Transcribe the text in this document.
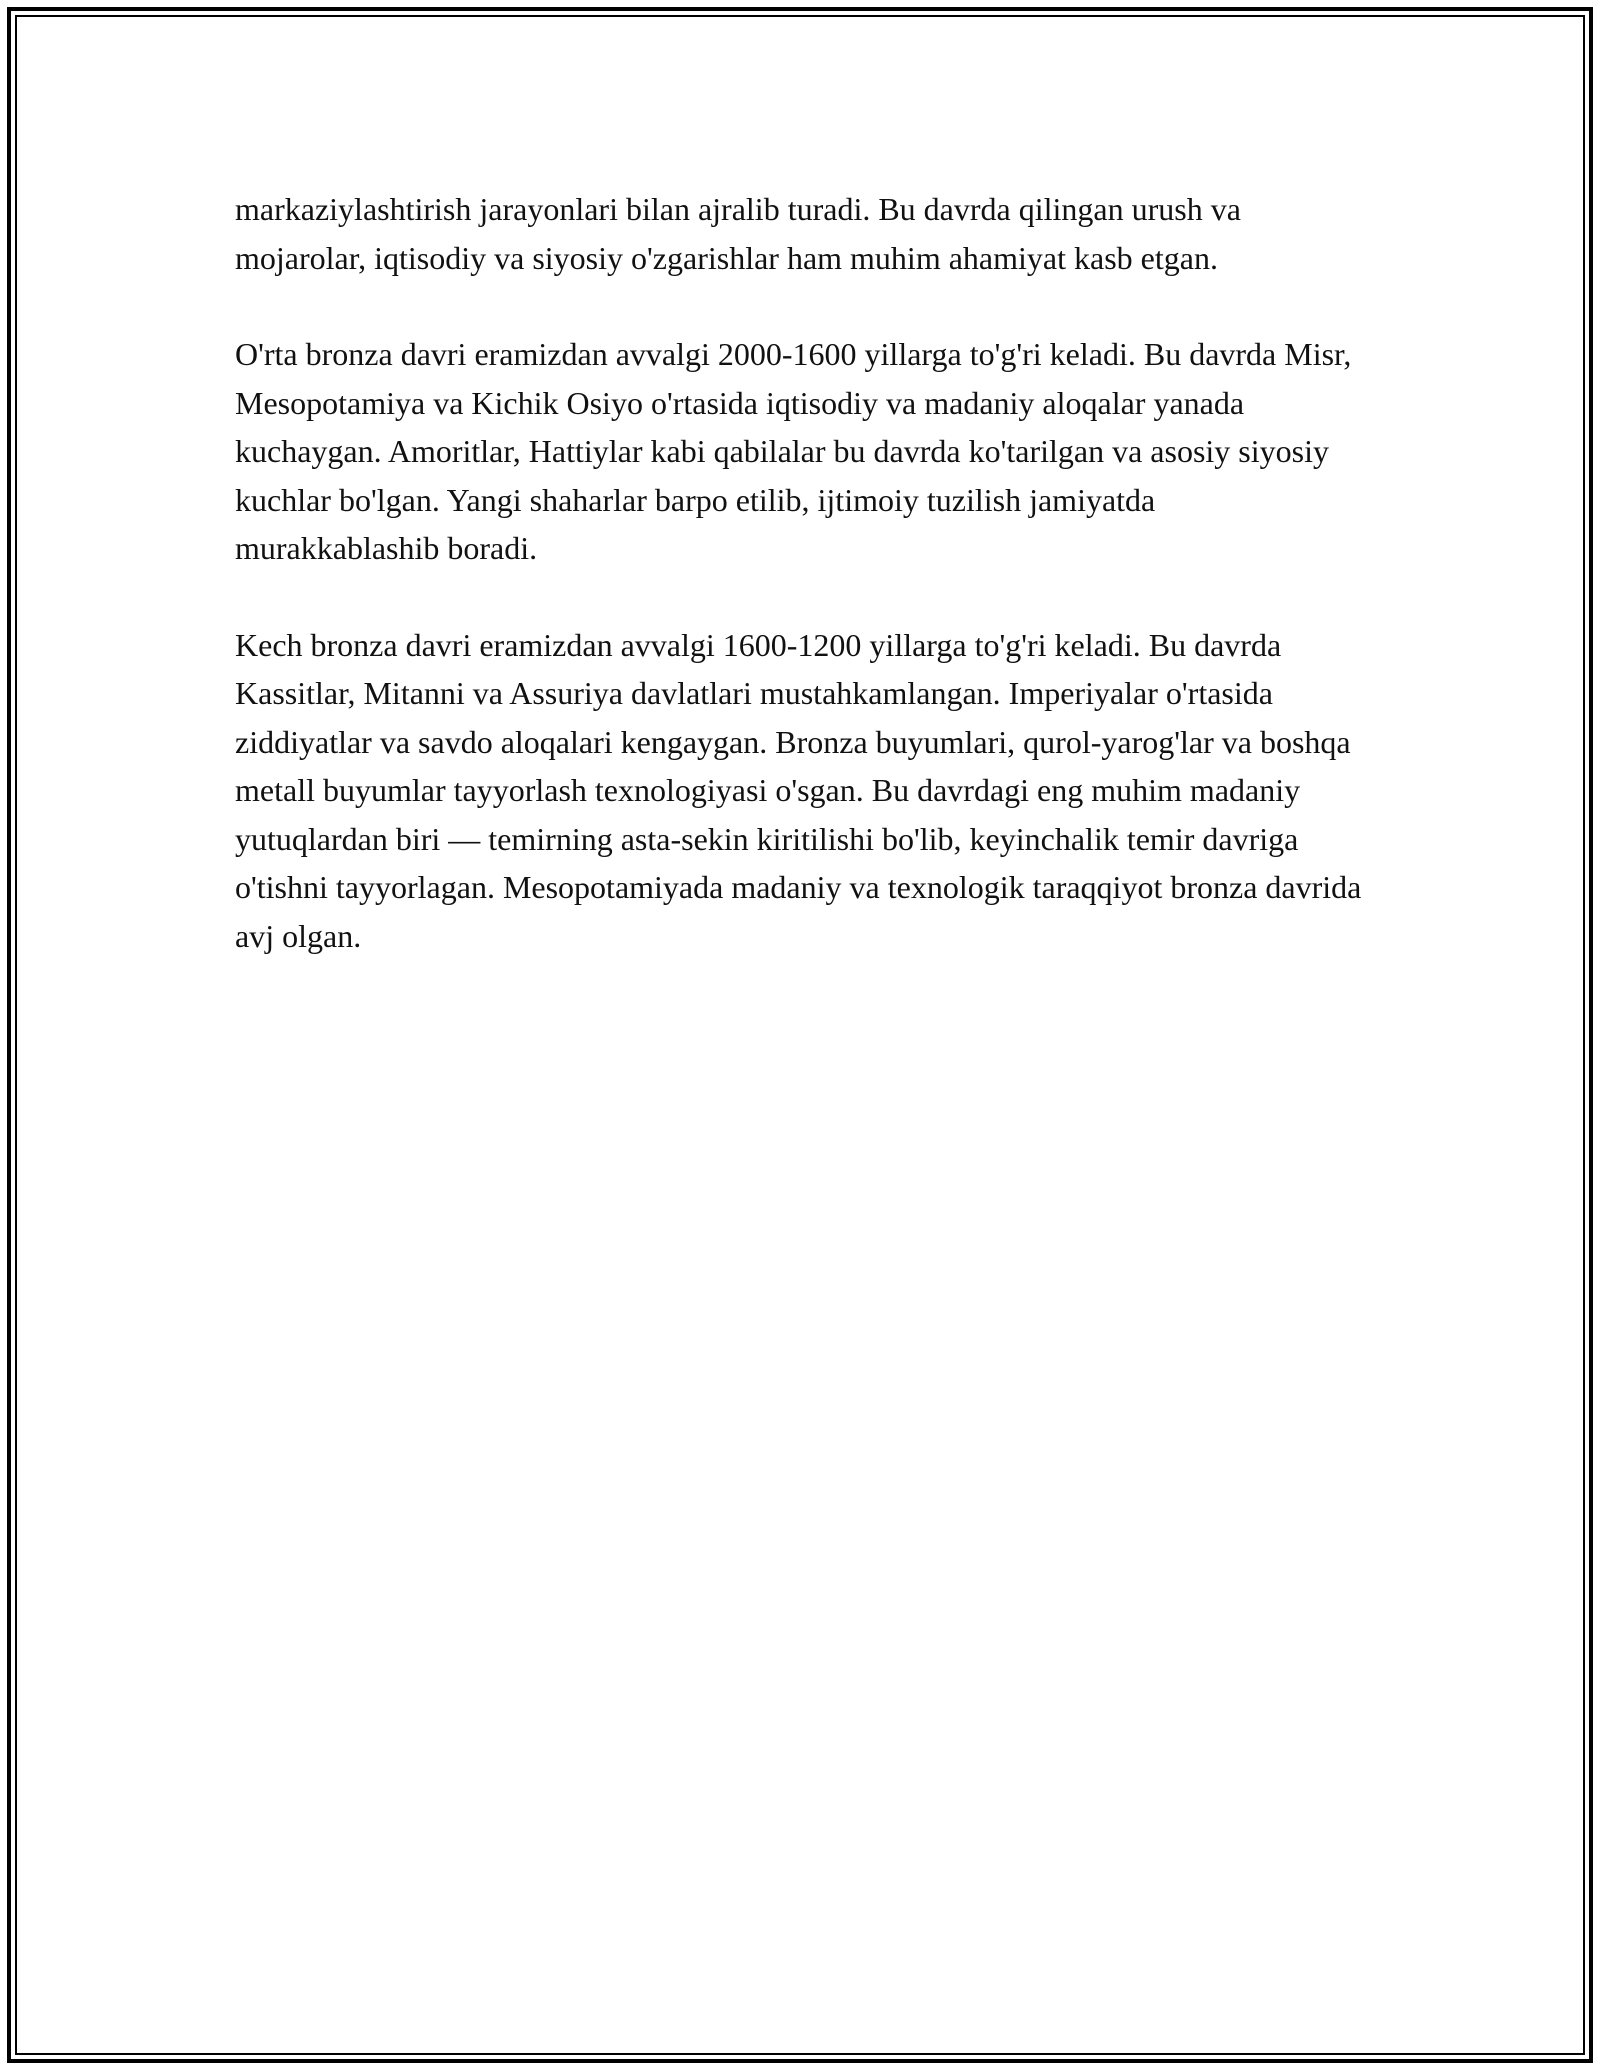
markaziylashtirish jarayonlari bilan ajralib turadi. Bu davrda qilingan urush va mojarolar, iqtisodiy va siyosiy o'zgarishlar ham muhim ahamiyat kasb etgan.

O'rta bronza davri eramizdan avvalgi 2000-1600 yillarga to'g'ri keladi. Bu davrda Misr, Mesopotamiya va Kichik Osiyo o'rtasida iqtisodiy va madaniy aloqalar yanada kuchaygan. Amoritlar, Hattiylar kabi qabilalar bu davrda ko'tarilgan va asosiy siyosiy kuchlar bo'lgan. Yangi shaharlar barpo etilib, ijtimoiy tuzilish jamiyatda murakkablashib boradi.

Kech bronza davri eramizdan avvalgi 1600-1200 yillarga to'g'ri keladi. Bu davrda Kassitlar, Mitanni va Assuriya davlatlari mustahkamlangan. Imperiyalar o'rtasida ziddiyatlar va savdo aloqalari kengaygan. Bronza buyumlari, qurol-yarog'lar va boshqa metall buyumlar tayyorlash texnologiyasi o'sgan. Bu davrdagi eng muhim madaniy yutuqlardan biri — temirning asta-sekin kiritilishi bo'lib, keyinchalik temir davriga o'tishni tayyorlagan. Mesopotamiyada madaniy va texnologik taraqqiyot bronza davrida avj olgan.
